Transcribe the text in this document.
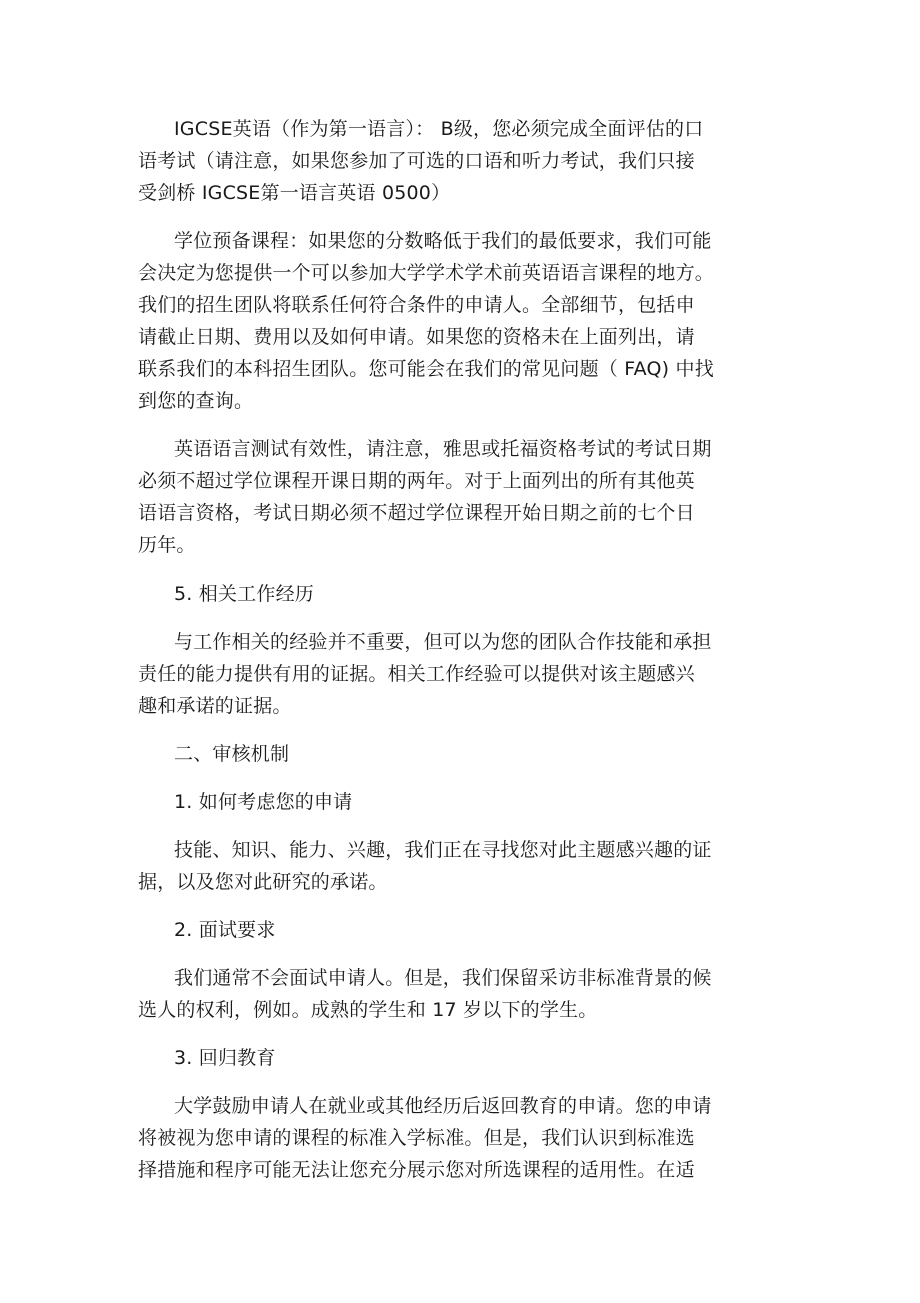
IGCSE英语（作为第一语言）： B级，您必须完成全面评估的口
语考试（请注意，如果您参加了可选的口语和听力考试，我们只接
受剑桥 IGCSE第一语言英语 0500）
学位预备课程：如果您的分数略低于我们的最低要求，我们可能
会决定为您提供一个可以参加大学学术学术前英语语言课程的地方。
我们的招生团队将联系任何符合条件的申请人。全部细节，包括申
请截止日期、费用以及如何申请。如果您的资格未在上面列出，请
联系我们的本科招生团队。您可能会在我们的常见问题（ FAQ) 中找
到您的查询。
英语语言测试有效性，请注意，雅思或托福资格考试的考试日期
必须不超过学位课程开课日期的两年。对于上面列出的所有其他英
语语言资格，考试日期必须不超过学位课程开始日期之前的七个日
历年。
5. 相关工作经历
与工作相关的经验并不重要，但可以为您的团队合作技能和承担
责任的能力提供有用的证据。相关工作经验可以提供对该主题感兴
趣和承诺的证据。
二、审核机制
1. 如何考虑您的申请
技能、知识、能力、兴趣，我们正在寻找您对此主题感兴趣的证
据，以及您对此研究的承诺。
2. 面试要求
我们通常不会面试申请人。但是，我们保留采访非标准背景的候
选人的权利，例如。成熟的学生和 17 岁以下的学生。
3. 回归教育
大学鼓励申请人在就业或其他经历后返回教育的申请。您的申请
将被视为您申请的课程的标准入学标准。但是，我们认识到标准选
择措施和程序可能无法让您充分展示您对所选课程的适用性。在适
